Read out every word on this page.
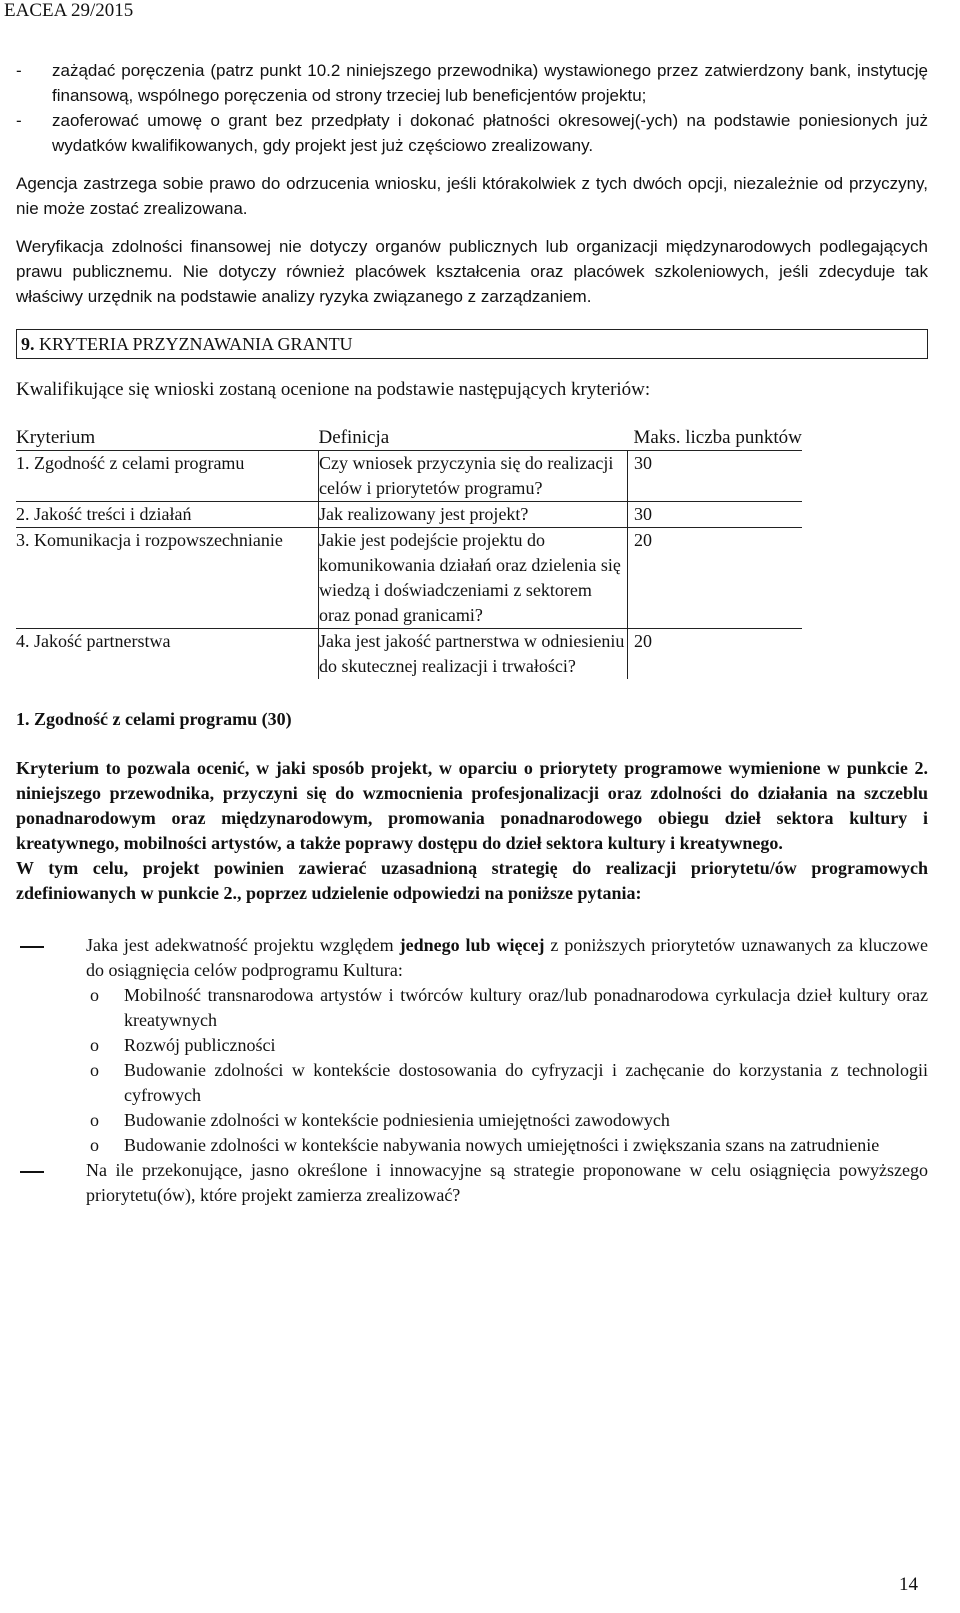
EACEA 29/2015
-	zażądać poręczenia (patrz punkt 10.2 niniejszego przewodnika) wystawionego przez zatwierdzony bank, instytucję finansową, wspólnego poręczenia od strony trzeciej lub beneficjentów projektu;
-	zaoferować umowę o grant bez przedpłaty i dokonać płatności okresowej(-ych) na podstawie poniesionych już wydatków kwalifikowanych, gdy projekt jest już częściowo zrealizowany.

Agencja zastrzega sobie prawo do odrzucenia wniosku, jeśli którakolwiek z tych dwóch opcji, niezależnie od przyczyny, nie może zostać zrealizowana.

Weryfikacja zdolności finansowej nie dotyczy organów publicznych lub organizacji międzynarodowych podlegających prawu publicznemu. Nie dotyczy również placówek kształcenia oraz placówek szkoleniowych, jeśli zdecyduje tak właściwy urzędnik na podstawie analizy ryzyka związanego z zarządzaniem.

9. KRYTERIA PRZYZNAWANIA GRANTU

Kwalifikujące się wnioski zostaną ocenione na podstawie następujących kryteriów:

Kryterium	Definicja	Maks. liczba punktów
1. Zgodność z celami programu	Czy wniosek przyczynia się do realizacji celów i priorytetów programu?	30
2. Jakość treści i działań	Jak realizowany jest projekt?	30
3. Komunikacja i rozpowszechnianie	Jakie jest podejście projektu do komunikowania działań oraz dzielenia się wiedzą i doświadczeniami z sektorem oraz ponad granicami?	20
4. Jakość partnerstwa	Jaka jest jakość partnerstwa w odniesieniu do skutecznej realizacji i trwałości?	20

1. Zgodność z celami programu (30)

Kryterium to pozwala ocenić, w jaki sposób projekt, w oparciu o priorytety programowe wymienione w punkcie 2. niniejszego przewodnika, przyczyni się do wzmocnienia profesjonalizacji oraz zdolności do działania na szczeblu ponadnarodowym oraz międzynarodowym, promowania ponadnarodowego obiegu dzieł sektora kultury i kreatywnego, mobilności artystów, a także poprawy dostępu do dzieł sektora kultury i kreatywnego.

W tym celu, projekt powinien zawierać uzasadnioną strategię do realizacji priorytetu/ów programowych zdefiniowanych w punkcie 2., poprzez udzielenie odpowiedzi na poniższe pytania:

Jaka jest adekwatność projektu względem jednego lub więcej z poniższych priorytetów uznawanych za kluczowe do osiągnięcia celów podprogramu Kultura:
o	Mobilność transnarodowa artystów i twórców kultury oraz/lub ponadnarodowa cyrkulacja dzieł kultury oraz kreatywnych
o	Rozwój publiczności
o	Budowanie zdolności w kontekście dostosowania do cyfryzacji i zachęcanie do korzystania z technologii cyfrowych
o	Budowanie zdolności w kontekście podniesienia umiejętności zawodowych
o	Budowanie zdolności w kontekście nabywania nowych umiejętności i zwiększania szans na zatrudnienie
Na ile przekonujące, jasno określone i innowacyjne są strategie proponowane w celu osiągnięcia powyższego priorytetu(ów), które projekt zamierza zrealizować?
14
